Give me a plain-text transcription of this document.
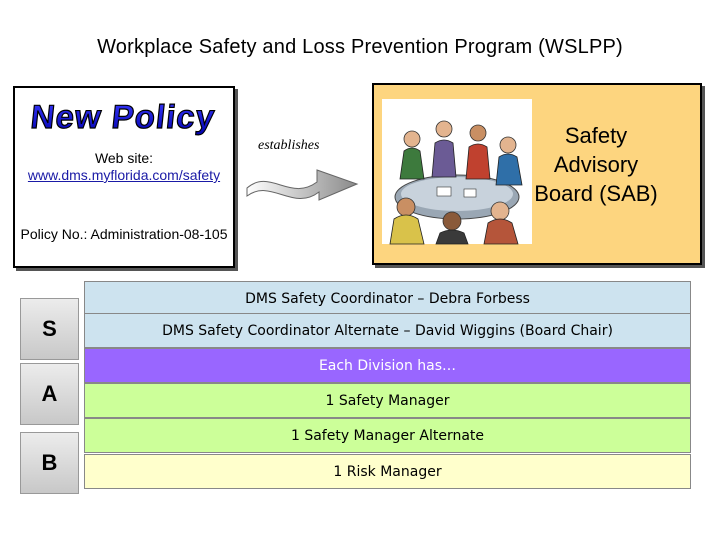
Workplace Safety and Loss Prevention Program (WSLPP)
New Policy
Web site:
www.dms.myflorida.com/safety
Policy No.: Administration-08-105
establishes	Safety Advisory Board (SAB)
S
A
B
DMS Safety Coordinator – Debra Forbess
DMS Safety Coordinator Alternate – David Wiggins (Board Chair)
Each Division has…
1 Safety Manager
1 Safety Manager Alternate
1 Risk Manager
